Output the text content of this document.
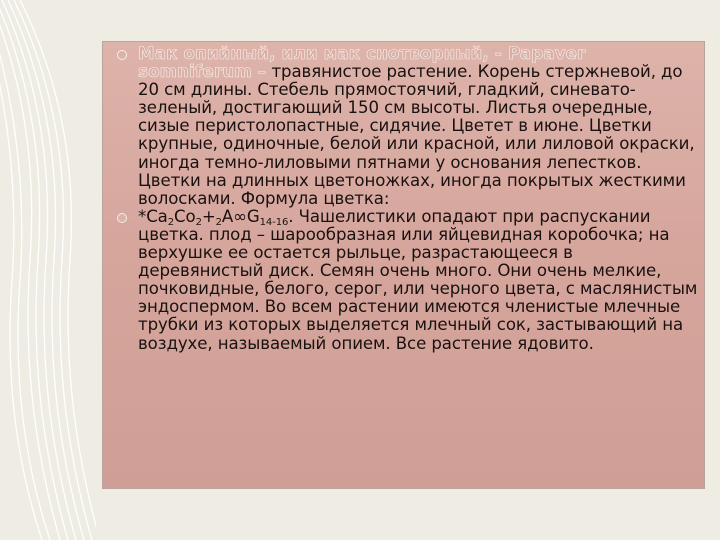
Мак опийный, или мак снотворный, - Papaver somniferum – травянистое растение. Корень стержневой, до 20 см длины. Стебель прямостоячий, гладкий, синевато-зеленый, достигающий 150 см высоты. Листья очередные, сизые перистолопастные, сидячие. Цветет в июне. Цветки крупные, одиночные, белой или красной, или лиловой окраски, иногда темно-лиловыми пятнами у основания лепестков. Цветки на длинных цветоножках, иногда покрытых жесткими волосками. Формула цветка:

$*Ca_2Co_2+_2A\infty G_{14-16}$. Чашелистики опадают при распускании цветка. плод – шарообразная или яйцевидная коробочка; на верхушке ее остается рыльце, разрастающееся в деревянистый диск. Семян очень много. Они очень мелкие, почковидные, белого, серог, или черного цвета, с маслянистым эндоспермом. Во всем растении имеются членистые млечные трубки из которых выделяется млечный сок, застывающий на воздухе, называемый опием. Все растение ядовито.
